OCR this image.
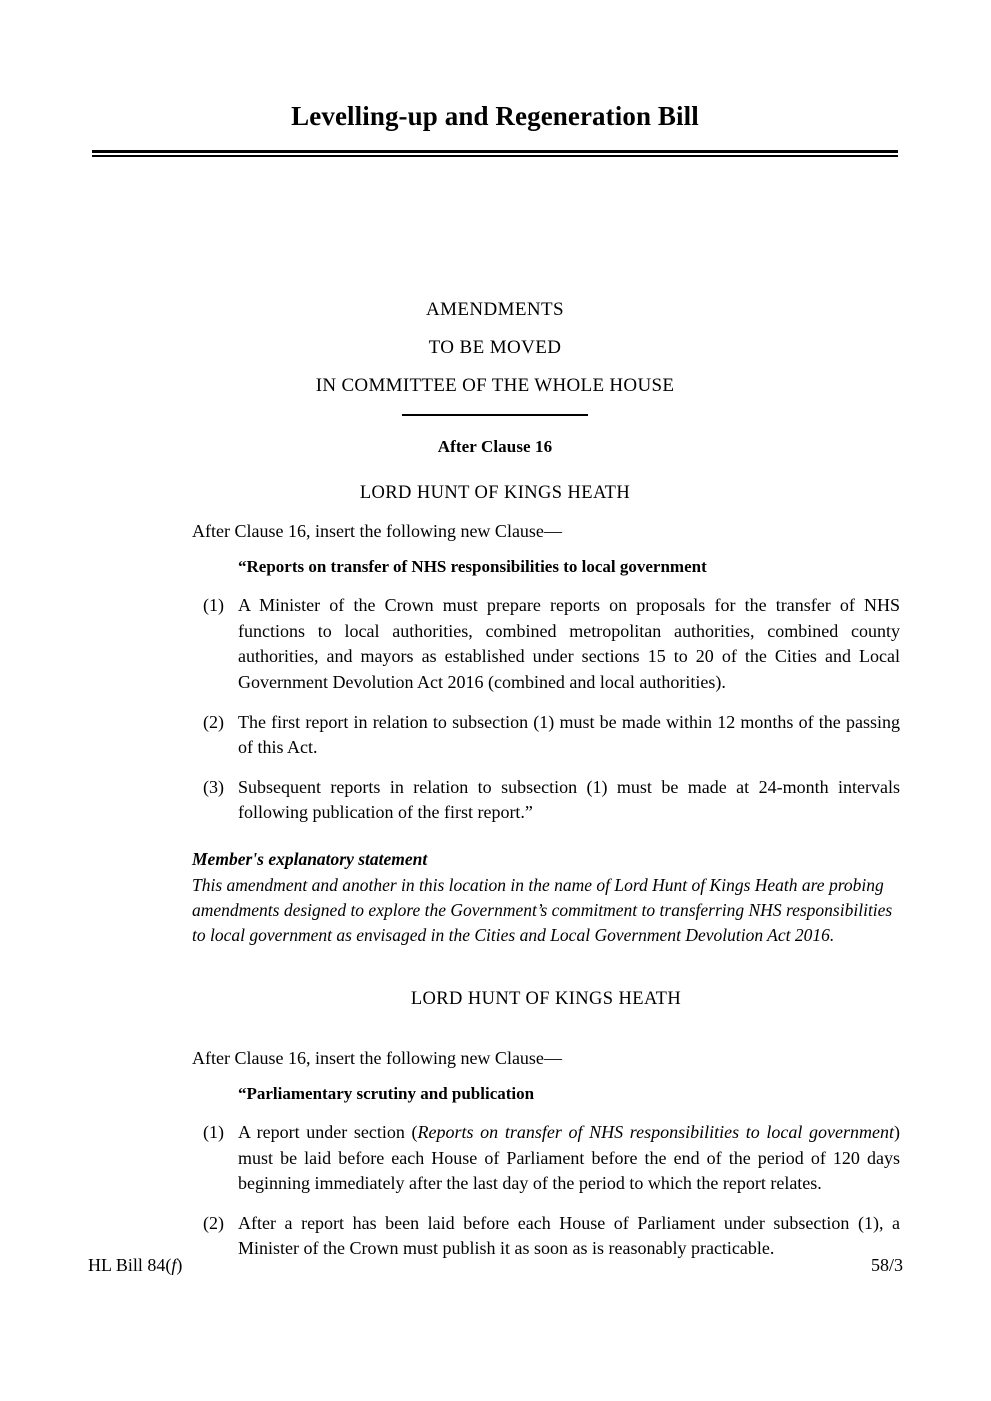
Levelling-up and Regeneration Bill
AMENDMENTS
TO BE MOVED
IN COMMITTEE OF THE WHOLE HOUSE
After Clause 16
LORD HUNT OF KINGS HEATH

After Clause 16, insert the following new Clause—

“Reports on transfer of NHS responsibilities to local government

(1) A Minister of the Crown must prepare reports on proposals for the transfer of NHS functions to local authorities, combined metropolitan authorities, combined county authorities, and mayors as established under sections 15 to 20 of the Cities and Local Government Devolution Act 2016 (combined and local authorities).
(2) The first report in relation to subsection (1) must be made within 12 months of the passing of this Act.
(3) Subsequent reports in relation to subsection (1) must be made at 24-month intervals following publication of the first report.”

Member's explanatory statement

This amendment and another in this location in the name of Lord Hunt of Kings Heath are probing amendments designed to explore the Government’s commitment to transferring NHS responsibilities to local government as envisaged in the Cities and Local Government Devolution Act 2016.

LORD HUNT OF KINGS HEATH

After Clause 16, insert the following new Clause—

“Parliamentary scrutiny and publication

(1) A report under section (Reports on transfer of NHS responsibilities to local government) must be laid before each House of Parliament before the end of the period of 120 days beginning immediately after the last day of the period to which the report relates.
(2) After a report has been laid before each House of Parliament under subsection (1), a Minister of the Crown must publish it as soon as is reasonably practicable.
HL Bill 84(f)	58/3
